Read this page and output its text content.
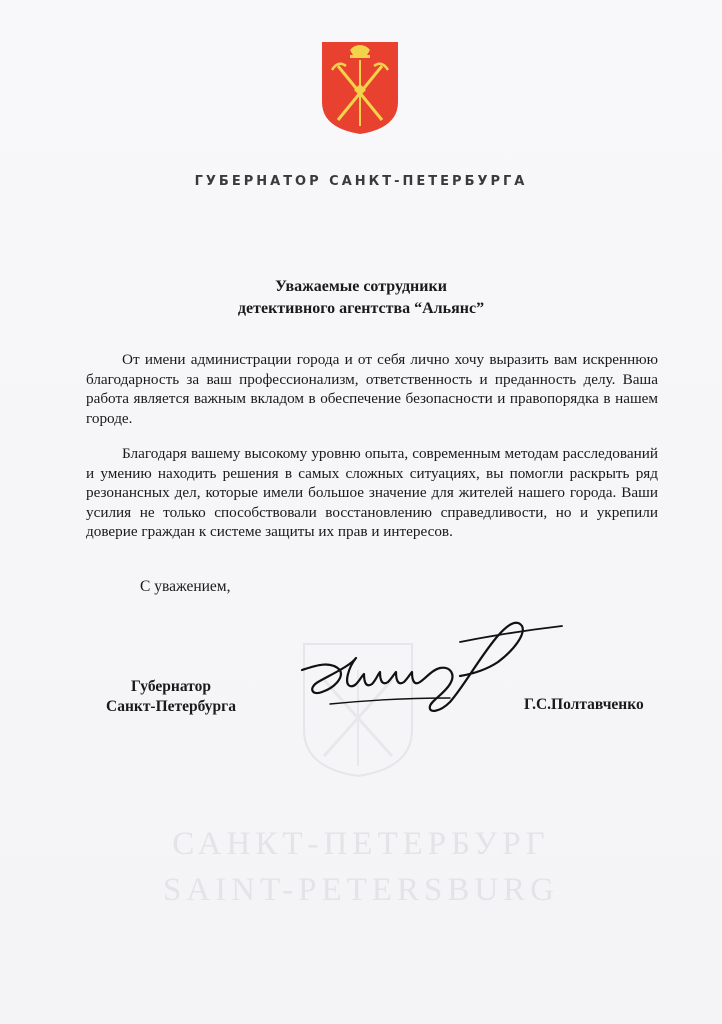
ГУБЕРНАТОР САНКТ-ПЕТЕРБУРГА
Уважаемые сотрудники
детективного агентства “Альянс”
От имени администрации города и от себя лично хочу выразить вам искреннюю благодарность за ваш профессионализм, ответственность и преданность делу. Ваша работа является важным вкладом в обеспечение безопасности и правопорядка в нашем городе.
Благодаря вашему высокому уровню опыта, современным методам расследований и умению находить решения в самых сложных ситуациях, вы помогли раскрыть ряд резонансных дел, которые имели большое значение для жителей нашего города. Ваши усилия не только способствовали восстановлению справедливости, но и укрепили доверие граждан к системе защиты их прав и интересов.
С уважением,
Губернатор
Санкт-Петербурга	Г.С.Полтавченко
САНКТ-ПЕТЕРБУРГ
SAINT-PETERSBURG
